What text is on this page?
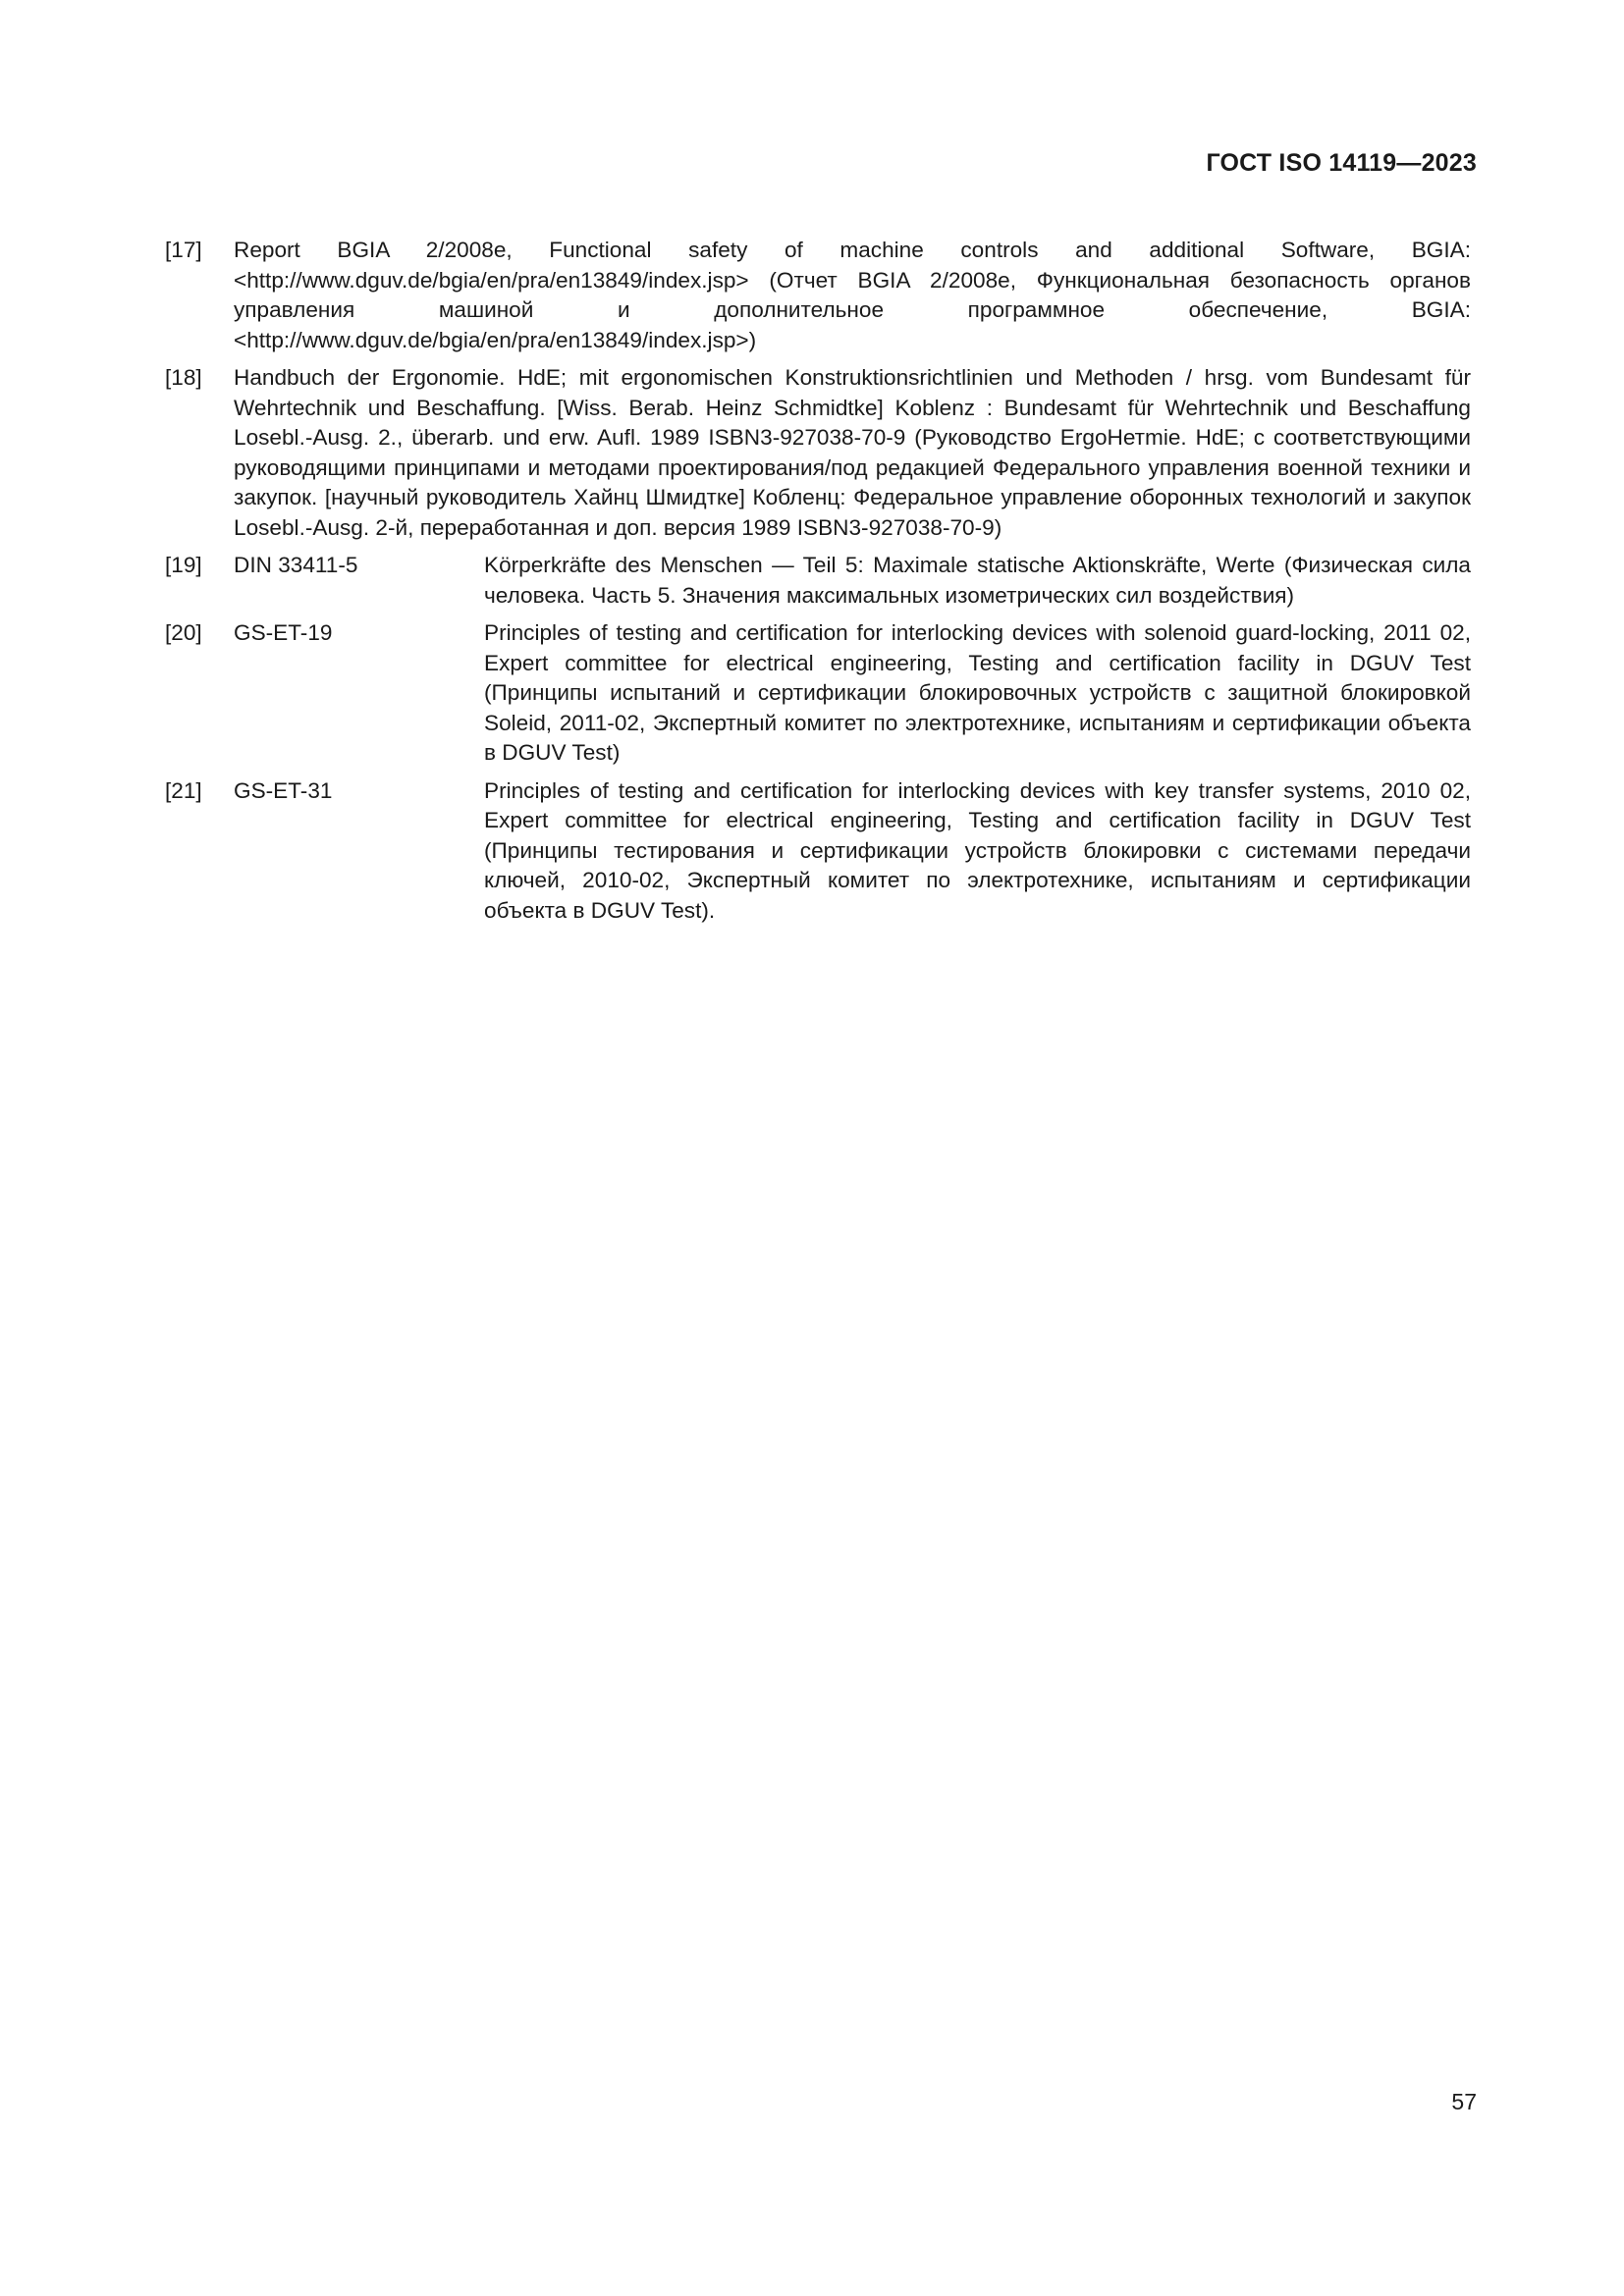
ГОСТ ISO 14119—2023
[17]	Report BGIA 2/2008e, Functional safety of machine controls and additional Software, BGIA: <http://www.dguv.de/bgia/en/pra/en13849/index.jsp> (Отчет BGIA 2/2008e, Функциональная безопасность органов управления машиной и дополнительное программное обеспечение, BGIA: <http://www.dguv.de/bgia/en/pra/en13849/index.jsp>)
[18]	Handbuch der Ergonomie. HdE; mit ergonomischen Konstruktionsrichtlinien und Methoden / hrsg. vom Bundesamt für Wehrtechnik und Beschaffung. [Wiss. Berab. Heinz Schmidtke] Koblenz : Bundesamt für Wehrtechnik und Beschaffung Losebl.-Ausg. 2., überarb. und erw. Aufl. 1989 ISBN3-927038-70-9 (Руководство ErgoНетmie. HdE; с соответствующими руководящими принципами и методами проектирования/под редакцией Федерального управления военной техники и закупок. [научный руководитель Хайнц Шмидтке] Кобленц: Федеральное управление оборонных технологий и закупок Losebl.-Ausg. 2-й, переработанная и доп. версия 1989 ISBN3-927038-70-9)
[19]	DIN 33411-5	Körperkräfte des Menschen — Teil 5: Maximale statische Aktionskräfte, Werte (Физическая сила человека. Часть 5. Значения максимальных изометрических сил воздействия)
[20]	GS-ET-19	Principles of testing and certification for interlocking devices with solenoid guard-locking, 2011 02, Expert committee for electrical engineering, Testing and certification facility in DGUV Test (Принципы испытаний и сертификации блокировочных устройств с защитной блокировкой Soleid, 2011-02, Экспертный комитет по электротехнике, испытаниям и сертификации объекта в DGUV Test)
[21]	GS-ET-31	Principles of testing and certification for interlocking devices with key transfer systems, 2010 02, Expert committee for electrical engineering, Testing and certification facility in DGUV Test (Принципы тестирования и сертификации устройств блокировки с системами передачи ключей, 2010-02, Экспертный комитет по электротехнике, испытаниям и сертификации объекта в DGUV Test).
57
